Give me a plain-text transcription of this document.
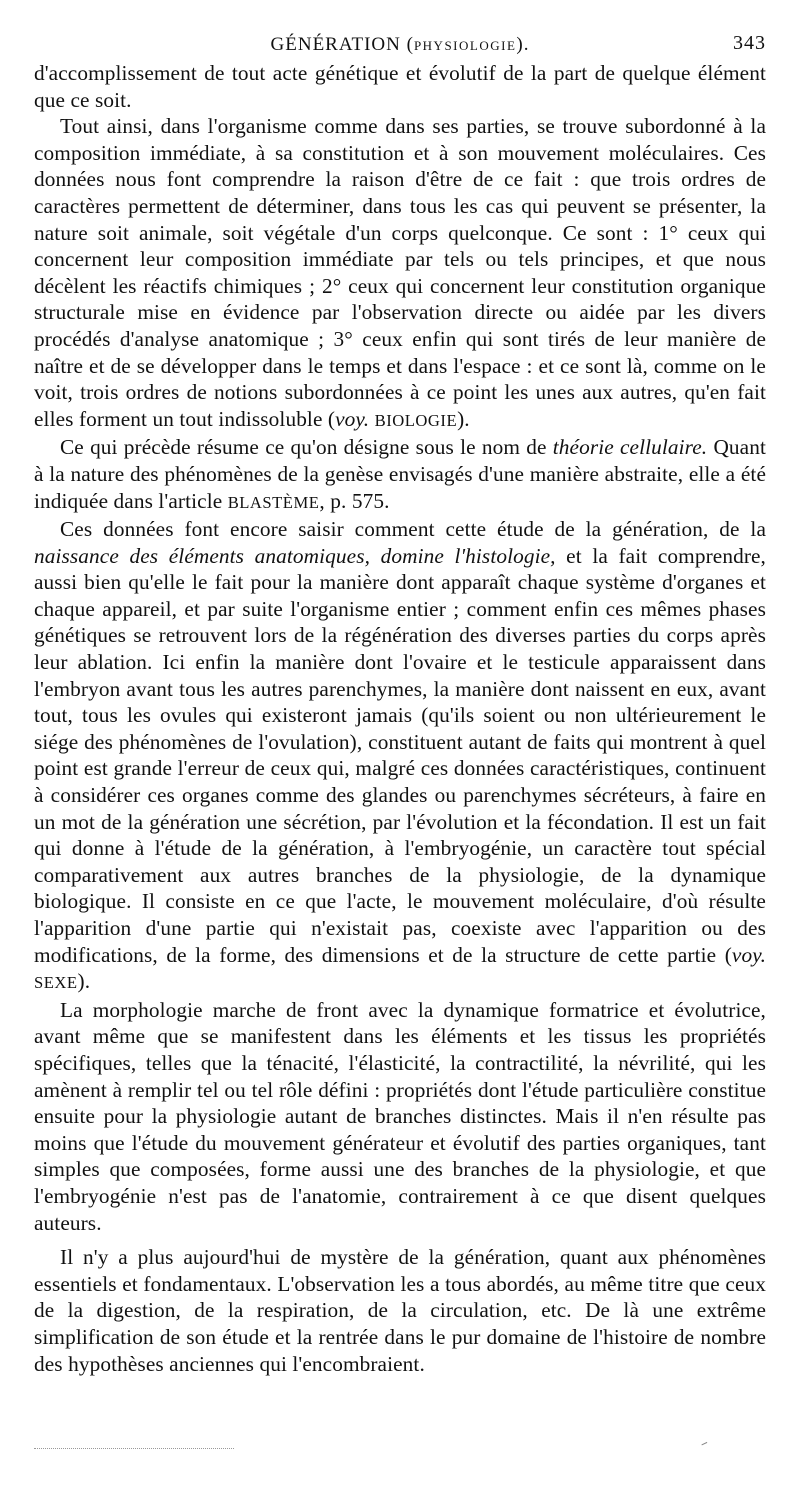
GÉNÉRATION (PHYSIOLOGIE).	343

d'accomplissement de tout acte génétique et évolutif de la part de quelque élément que ce soit.

Tout ainsi, dans l'organisme comme dans ses parties, se trouve subordonné à la composition immédiate, à sa constitution et à son mouvement moléculaires. Ces données nous font comprendre la raison d'être de ce fait : que trois ordres de caractères permettent de déterminer, dans tous les cas qui peuvent se présenter, la nature soit animale, soit végétale d'un corps quelconque. Ce sont : 1° ceux qui concernent leur composition immédiate par tels ou tels principes, et que nous décèlent les réactifs chimiques ; 2° ceux qui concernent leur constitution organique structurale mise en évidence par l'observation directe ou aidée par les divers procédés d'analyse anatomique ; 3° ceux enfin qui sont tirés de leur manière de naître et de se développer dans le temps et dans l'espace : et ce sont là, comme on le voit, trois ordres de notions subordonnées à ce point les unes aux autres, qu'en fait elles forment un tout indissoluble (voy. BIOLOGIE).

Ce qui précède résume ce qu'on désigne sous le nom de théorie cellulaire. Quant à la nature des phénomènes de la genèse envisagés d'une manière abstraite, elle a été indiquée dans l'article BLASTÈME, p. 575.

Ces données font encore saisir comment cette étude de la génération, de la naissance des éléments anatomiques, domine l'histologie, et la fait comprendre, aussi bien qu'elle le fait pour la manière dont apparaît chaque système d'organes et chaque appareil, et par suite l'organisme entier ; comment enfin ces mêmes phases génétiques se retrouvent lors de la régénération des diverses parties du corps après leur ablation. Ici enfin la manière dont l'ovaire et le testicule apparaissent dans l'embryon avant tous les autres parenchymes, la manière dont naissent en eux, avant tout, tous les ovules qui existeront jamais (qu'ils soient ou non ultérieurement le siége des phénomènes de l'ovulation), constituent autant de faits qui montrent à quel point est grande l'erreur de ceux qui, malgré ces données caractéristiques, continuent à considérer ces organes comme des glandes ou parenchymes sécréteurs, à faire en un mot de la génération une sécrétion, par l'évolution et la fécondation. Il est un fait qui donne à l'étude de la génération, à l'embryogénie, un caractère tout spécial comparativement aux autres branches de la physiologie, de la dynamique biologique. Il consiste en ce que l'acte, le mouvement moléculaire, d'où résulte l'apparition d'une partie qui n'existait pas, coexiste avec l'apparition ou des modifications, de la forme, des dimensions et de la structure de cette partie (voy. SEXE).

La morphologie marche de front avec la dynamique formatrice et évolutrice, avant même que se manifestent dans les éléments et les tissus les propriétés spécifiques, telles que la ténacité, l'élasticité, la contractilité, la névrilité, qui les amènent à remplir tel ou tel rôle défini : propriétés dont l'étude particulière constitue ensuite pour la physiologie autant de branches distinctes. Mais il n'en résulte pas moins que l'étude du mouvement générateur et évolutif des parties organiques, tant simples que composées, forme aussi une des branches de la physiologie, et que l'embryogénie n'est pas de l'anatomie, contrairement à ce que disent quelques auteurs.

Il n'y a plus aujourd'hui de mystère de la génération, quant aux phénomènes essentiels et fondamentaux. L'observation les a tous abordés, au même titre que ceux de la digestion, de la respiration, de la circulation, etc. De là une extrême simplification de son étude et la rentrée dans le pur domaine de l'histoire de nombre des hypothèses anciennes qui l'encombraient.
